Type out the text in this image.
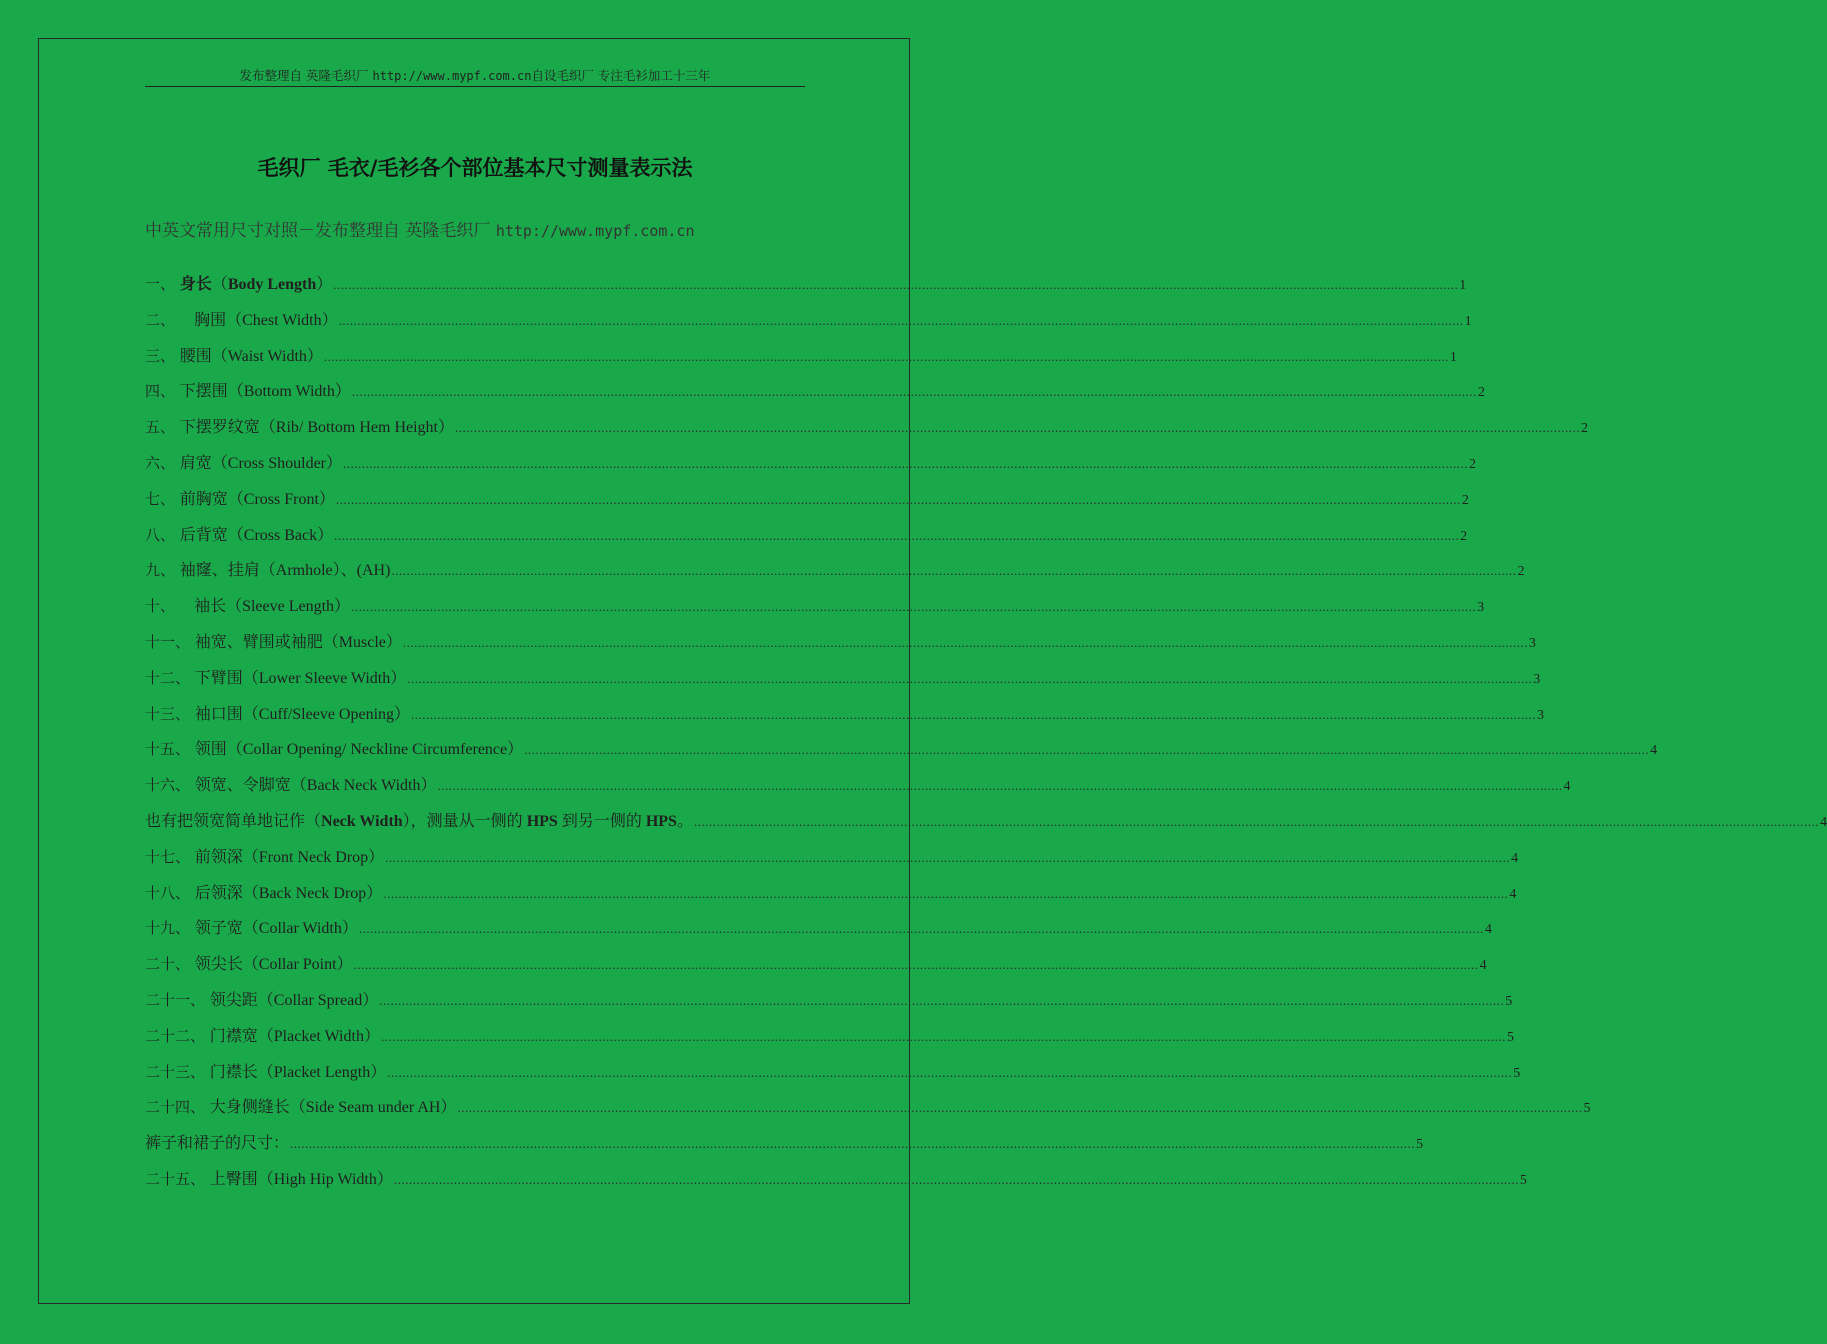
发布整理自 英隆毛织厂 http://www.mypf.com.cn自设毛织厂 专注毛衫加工十三年
毛织厂 毛衣/毛衫各个部位基本尺寸测量表示法
中英文常用尺寸对照－发布整理自 英隆毛织厂 http://www.mypf.com.cn
一、 身长（Body Length） ............................................................................................................................................................................................................................................................................................................ 1
二、 胸围（Chest Width） ............................................................................................................................................................................................................................................................................................................ 1
三、 腰围（Waist Width） ............................................................................................................................................................................................................................................................................................................ 1
四、 下摆围（Bottom Width） ............................................................................................................................................................................................................................................................................................................ 2
五、 下摆罗纹宽（Rib/ Bottom Hem Height） ............................................................................................................................................................................................................................................................................................................ 2
六、 肩宽（Cross Shoulder） ............................................................................................................................................................................................................................................................................................................ 2
七、 前胸宽（Cross Front） ............................................................................................................................................................................................................................................................................................................ 2
八、 后背宽（Cross Back） ............................................................................................................................................................................................................................................................................................................ 2
九、 袖窿、挂肩（Armhole）、(AH) ............................................................................................................................................................................................................................................................................................................ 2
十、 袖长（Sleeve Length） ............................................................................................................................................................................................................................................................................................................ 3
十一、 袖宽、臂围或袖肥（Muscle） ............................................................................................................................................................................................................................................................................................................ 3
十二、 下臂围（Lower Sleeve Width） ............................................................................................................................................................................................................................................................................................................ 3
十三、 袖口围（Cuff/Sleeve Opening） ............................................................................................................................................................................................................................................................................................................ 3
十五、 领围（Collar Opening/ Neckline Circumference） ............................................................................................................................................................................................................................................................................................................ 4
十六、 领宽、令脚宽（Back Neck Width） ............................................................................................................................................................................................................................................................................................................ 4
也有把领宽简单地记作（Neck Width），测量从一侧的 HPS 到另一侧的 HPS。 ............................................................................................................................................................................................................................................................................................................ 4
十七、 前领深（Front Neck Drop） ............................................................................................................................................................................................................................................................................................................ 4
十八、 后领深（Back Neck Drop） ............................................................................................................................................................................................................................................................................................................ 4
十九、 领子宽（Collar Width） ............................................................................................................................................................................................................................................................................................................ 4
二十、 领尖长（Collar Point） ............................................................................................................................................................................................................................................................................................................ 4
二十一、 领尖距（Collar Spread） ............................................................................................................................................................................................................................................................................................................ 5
二十二、 门襟宽（Placket Width） ............................................................................................................................................................................................................................................................................................................ 5
二十三、 门襟长（Placket Length） ............................................................................................................................................................................................................................................................................................................ 5
二十四、 大身侧缝长（Side Seam under AH） ............................................................................................................................................................................................................................................................................................................ 5
裤子和裙子的尺寸： ............................................................................................................................................................................................................................................................................................................ 5
二十五、 上臀围（High Hip Width） ............................................................................................................................................................................................................................................................................................................ 5
